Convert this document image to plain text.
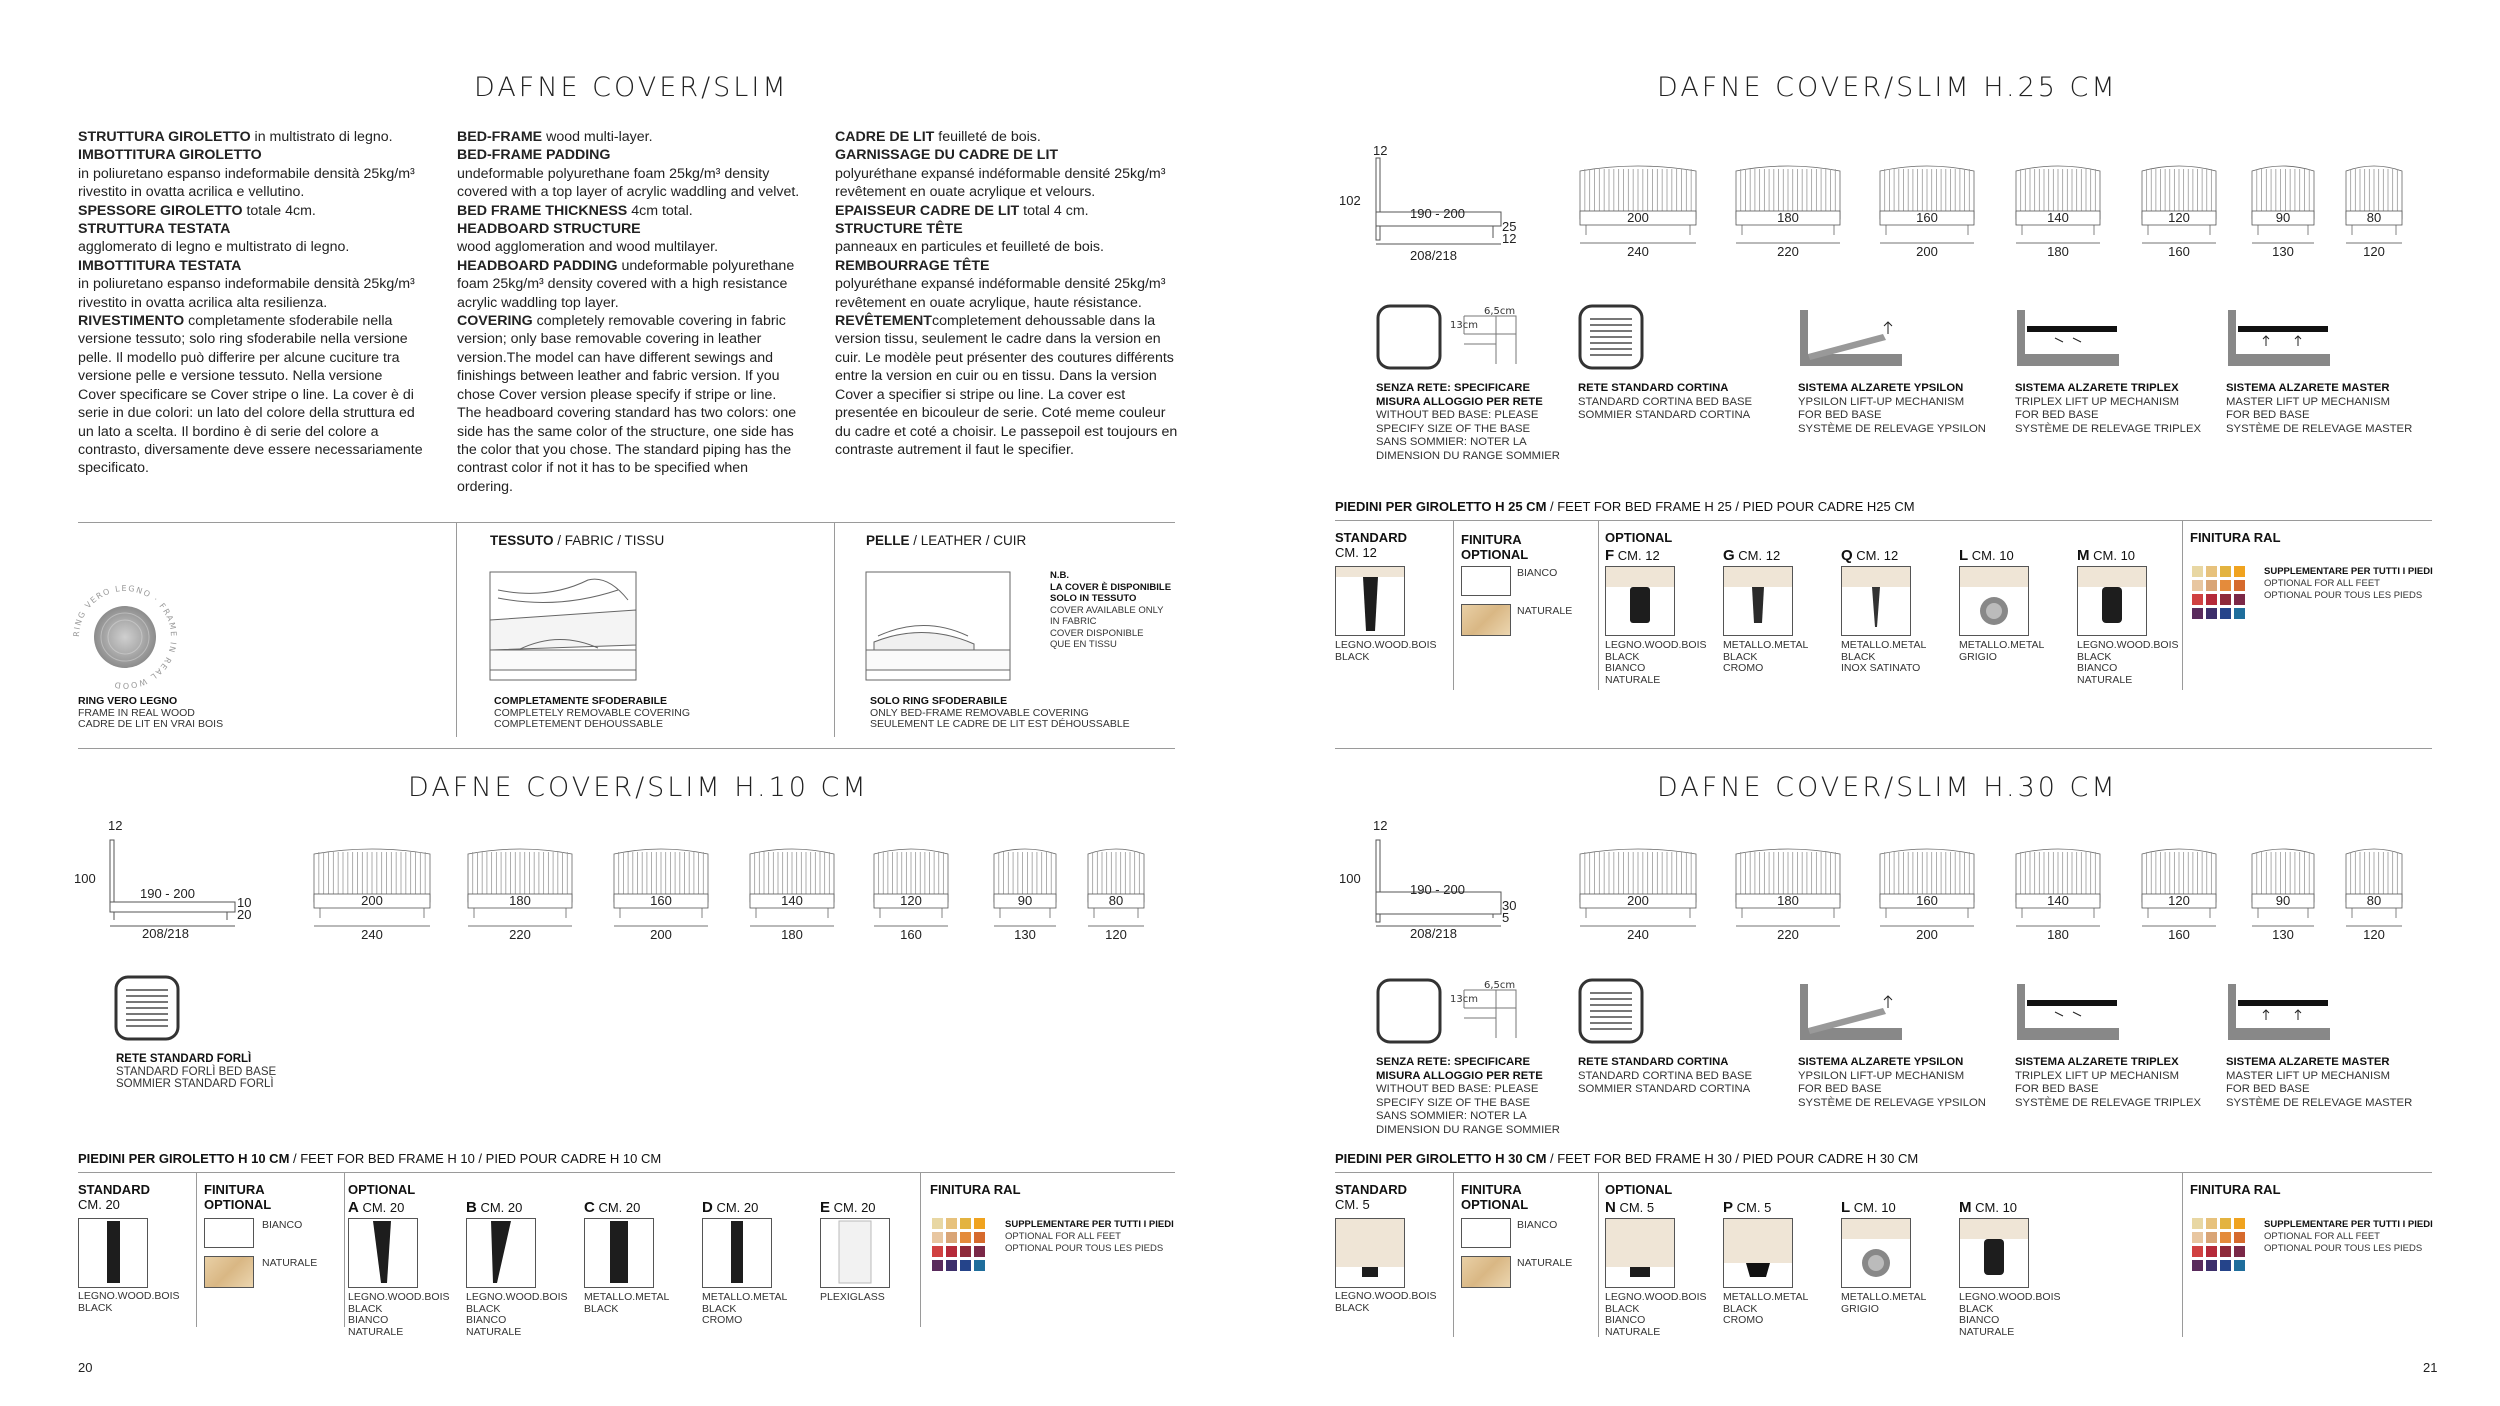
DAFNE COVER/SLIM

STRUTTURA GIROLETTO in multistrato di legno.

IMBOTTITURA GIROLETTO

in poliuretano espanso indeformabile densità 25kg/m³ rivestito in ovatta acrilica e vellutino.

SPESSORE GIROLETTO totale 4cm.

STRUTTURA TESTATA

agglomerato di legno e multistrato di legno.

IMBOTTITURA TESTATA

in poliuretano espanso indeformabile densità 25kg/m³ rivestito in ovatta acrilica alta resilienza.

RIVESTIMENTO completamente sfoderabile nella versione tessuto; solo ring sfoderabile nella versione pelle. Il modello può differire per alcune cuciture tra versione pelle e versione tessuto. Nella versione Cover specificare se Cover stripe o line. La cover è di serie in due colori: un lato del colore della struttura ed un lato a scelta. Il bordino è di serie del colore a contrasto, diversamente deve essere necessariamente specificato.

BED-FRAME wood multi-layer.

BED-FRAME PADDING

undeformable polyurethane foam 25kg/m³ density covered with a top layer of acrylic waddling and velvet.

BED FRAME THICKNESS 4cm total.

HEADBOARD STRUCTURE

wood agglomeration and wood multilayer.

HEADBOARD PADDING undeformable polyurethane foam 25kg/m³ density covered with a high resistance acrylic waddling top layer.

COVERING completely removable covering in fabric version; only base removable covering in leather version.The model can have different sewings and finishings between leather and fabric version. If you chose Cover version please specify if stripe or line. The headboard covering standard has two colors: one side has the same color of the structure, one side has the color that you chose. The standard piping has the contrast color if not it has to be specified when ordering.

CADRE DE LIT feuilleté de bois.

GARNISSAGE DU CADRE DE LIT

polyuréthane expansé indéformable densité 25kg/m³ revêtement en ouate acrylique et velours.

EPAISSEUR CADRE DE LIT total 4 cm.

STRUCTURE TÊTE

panneaux en particules et feuilleté de bois.

REMBOURRAGE TÊTE

polyuréthane expansé indéformable densité 25kg/m³ revêtement en ouate acrylique, haute résistance.

REVÊTEMENTcompletement dehoussable dans la version tissu, seulement le cadre dans la version en cuir. Le modèle peut présenter des coutures différents entre la version en cuir ou en tissu. Dans la version Cover a specifier si stripe ou line. La cover est presentée en bicouleur de serie. Coté meme couleur du cadre et coté a choisir. Le passepoil est toujours en contraste autrement il faut le specifier.

TESSUTO / FABRIC / TISSU	PELLE / LEATHER / CUIR
RING VERO LEGNO · FRAME IN REAL WOOD
RING VERO LEGNO
FRAME IN REAL WOOD
CADRE DE LIT EN VRAI BOIS
COMPLETAMENTE SFODERABILE
COMPLETELY REMOVABLE COVERING
COMPLETEMENT DEHOUSSABLE
SOLO RING SFODERABILE
ONLY BED-FRAME REMOVABLE COVERING
SEULEMENT LE CADRE DE LIT EST DÉHOUSSABLE
N.B.
LA COVER È DISPONIBILE
SOLO IN TESSUTO
COVER AVAILABLE ONLY
IN FABRIC
COVER DISPONIBLE
QUE EN TISSU
DAFNE COVER/SLIM H.10 CM
12
100
190 - 200
10
20
208/218
200
240
180
220
160
200
140
180
120
160
90
130
80
120
RETE STANDARD FORLÌ
STANDARD FORLÌ BED BASE
SOMMIER STANDARD FORLÌ
PIEDINI PER GIROLETTO H 10 CM / FEET FOR BED FRAME H 10 / PIED POUR CADRE H 10 CM
STANDARD
CM. 20
LEGNO.WOOD.BOIS
BLACK
FINITURA
OPTIONAL
BIANCO
NATURALE
OPTIONAL
A CM. 20
LEGNO.WOOD.BOIS
BLACK
BIANCO
NATURALE
B CM. 20
LEGNO.WOOD.BOIS
BLACK
BIANCO
NATURALE
C CM. 20
METALLO.METAL
BLACK
D CM. 20
METALLO.METAL
BLACK
CROMO
E CM. 20
PLEXIGLASS
FINITURA RAL
SUPPLEMENTARE PER TUTTI I PIEDI
OPTIONAL FOR ALL FEET
OPTIONAL POUR TOUS LES PIEDS
20
DAFNE COVER/SLIM H.25 CM
12
102
190 - 200
25
12
208/218
200
240
180
220
160
200
140
180
120
160
90
130
80
120
13cm
6,5cm
SENZA RETE: SPECIFICARE
MISURA ALLOGGIO PER RETE
WITHOUT BED BASE: PLEASE
SPECIFY SIZE OF THE BASE
SANS SOMMIER: NOTER LA
DIMENSION DU RANGE SOMMIER
RETE STANDARD CORTINA
STANDARD CORTINA BED BASE
SOMMIER STANDARD CORTINA
SISTEMA ALZARETE YPSILON
YPSILON LIFT-UP MECHANISM
FOR BED BASE
SYSTÈME DE RELEVAGE YPSILON
SISTEMA ALZARETE TRIPLEX
TRIPLEX LIFT UP MECHANISM
FOR BED BASE
SYSTÈME DE RELEVAGE TRIPLEX
SISTEMA ALZARETE MASTER
MASTER LIFT UP MECHANISM
FOR BED BASE
SYSTÈME DE RELEVAGE MASTER
PIEDINI PER GIROLETTO H 25 CM / FEET FOR BED FRAME H 25 / PIED POUR CADRE H25 CM
STANDARD
CM. 12
LEGNO.WOOD.BOIS
BLACK
FINITURA
OPTIONAL
BIANCO
NATURALE
OPTIONAL
F CM. 12
LEGNO.WOOD.BOIS
BLACK
BIANCO
NATURALE
G CM. 12
METALLO.METAL
BLACK
CROMO
Q CM. 12
METALLO.METAL
BLACK
INOX SATINATO
L CM. 10
METALLO.METAL
GRIGIO
M CM. 10
LEGNO.WOOD.BOIS
BLACK
BIANCO
NATURALE
FINITURA RAL
SUPPLEMENTARE PER TUTTI I PIEDI
OPTIONAL FOR ALL FEET
OPTIONAL POUR TOUS LES PIEDS
DAFNE COVER/SLIM H.30 CM
12
100
190 - 200
30
5
208/218
200
240
180
220
160
200
140
180
120
160
90
130
80
120
13cm
6,5cm
SENZA RETE: SPECIFICARE
MISURA ALLOGGIO PER RETE
WITHOUT BED BASE: PLEASE
SPECIFY SIZE OF THE BASE
SANS SOMMIER: NOTER LA
DIMENSION DU RANGE SOMMIER
RETE STANDARD CORTINA
STANDARD CORTINA BED BASE
SOMMIER STANDARD CORTINA
SISTEMA ALZARETE YPSILON
YPSILON LIFT-UP MECHANISM
FOR BED BASE
SYSTÈME DE RELEVAGE YPSILON
SISTEMA ALZARETE TRIPLEX
TRIPLEX LIFT UP MECHANISM
FOR BED BASE
SYSTÈME DE RELEVAGE TRIPLEX
SISTEMA ALZARETE MASTER
MASTER LIFT UP MECHANISM
FOR BED BASE
SYSTÈME DE RELEVAGE MASTER
PIEDINI PER GIROLETTO H 30 CM / FEET FOR BED FRAME H 30 / PIED POUR CADRE H 30 CM
STANDARD
CM. 5
LEGNO.WOOD.BOIS
BLACK
FINITURA
OPTIONAL
BIANCO
NATURALE
OPTIONAL
N CM. 5
LEGNO.WOOD.BOIS
BLACK
BIANCO
NATURALE
P CM. 5
METALLO.METAL
BLACK
CROMO
L CM. 10
METALLO.METAL
GRIGIO
M CM. 10
LEGNO.WOOD.BOIS
BLACK
BIANCO
NATURALE
FINITURA RAL
SUPPLEMENTARE PER TUTTI I PIEDI
OPTIONAL FOR ALL FEET
OPTIONAL POUR TOUS LES PIEDS
21
